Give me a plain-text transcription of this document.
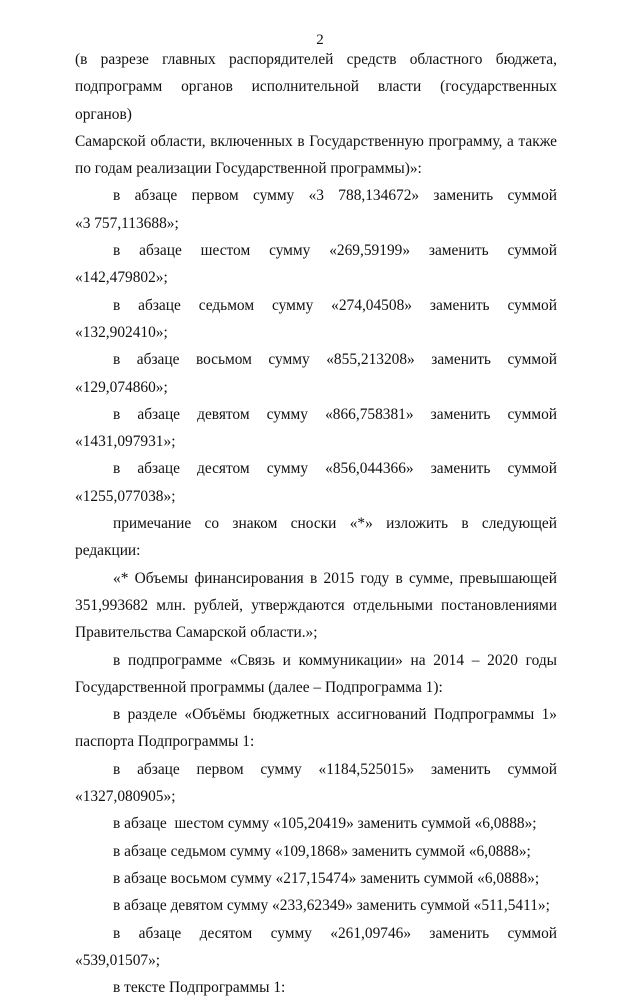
2

(в разрезе главных распорядителей средств областного бюджета,
подпрограмм органов исполнительной власти (государственных органов)
Самарской области, включенных в Государственную программу, а также
по годам реализации Государственной программы)»:

в абзаце первом сумму «3 788,134672» заменить суммой
«3 757,113688»;

в абзаце шестом сумму «269,59199» заменить суммой «142,479802»;

в абзаце седьмом сумму «274,04508» заменить суммой «132,902410»;

в абзаце восьмом сумму «855,213208» заменить суммой
«129,074860»;

в абзаце девятом сумму «866,758381» заменить суммой
«1431,097931»;

в абзаце десятом сумму «856,044366» заменить суммой
«1255,077038»;

примечание со знаком сноски «*» изложить в следующей редакции:

«* Объемы финансирования в 2015 году в сумме, превышающей
351,993682 млн. рублей, утверждаются отдельными постановлениями
Правительства Самарской области.»;

в подпрограмме «Связь и коммуникации» на 2014 – 2020 годы
Государственной программы (далее – Подпрограмма 1):

в разделе «Объёмы бюджетных ассигнований Подпрограммы 1»
паспорта Подпрограммы 1:

в абзаце первом сумму «1184,525015» заменить суммой
«1327,080905»;

в абзаце  шестом сумму «105,20419» заменить суммой «6,0888»;

в абзаце седьмом сумму «109,1868» заменить суммой «6,0888»;

в абзаце восьмом сумму «217,15474» заменить суммой «6,0888»;

в абзаце девятом сумму «233,62349» заменить суммой «511,5411»;

в абзаце десятом сумму «261,09746» заменить суммой «539,01507»;

в тексте Подпрограммы 1:
